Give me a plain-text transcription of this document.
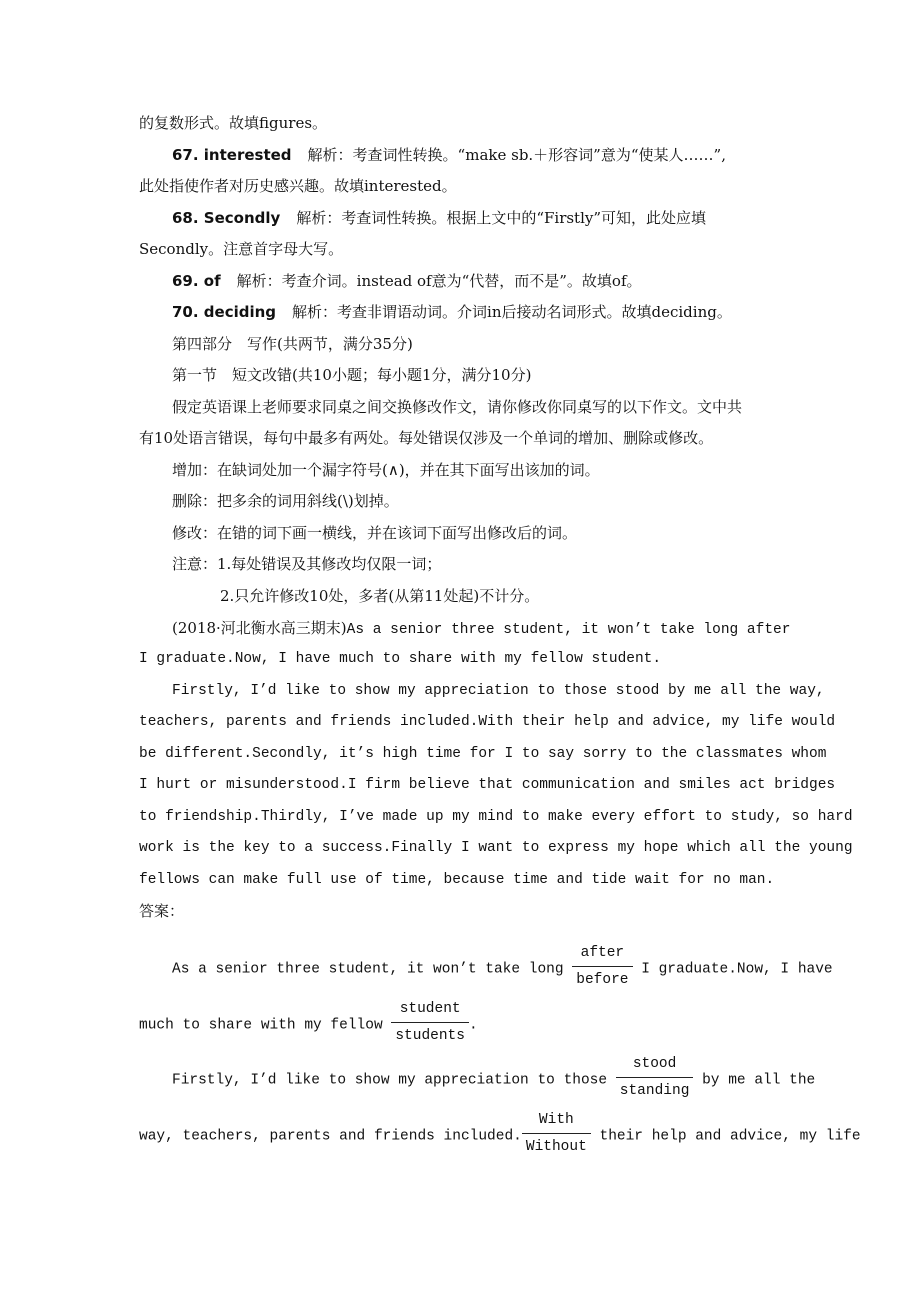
的复数形式。故填figures。
67. interested 解析：考查词性转换。“make sb.＋形容词”意为“使某人……”,
此处指使作者对历史感兴趣。故填interested。
68. Secondly 解析：考查词性转换。根据上文中的“Firstly”可知，此处应填
Secondly。注意首字母大写。
69. of 解析：考查介词。instead of意为“代替，而不是”。故填of。
70. deciding 解析：考查非谓语动词。介词in后接动名词形式。故填deciding。
第四部分　写作(共两节，满分35分)
第一节　短文改错(共10小题；每小题1分，满分10分)
假定英语课上老师要求同桌之间交换修改作文，请你修改你同桌写的以下作文。文中共
有10处语言错误，每句中最多有两处。每处错误仅涉及一个单词的增加、删除或修改。
增加：在缺词处加一个漏字符号(∧)，并在其下面写出该加的词。
删除：把多余的词用斜线(\)划掉。
修改：在错的词下画一横线，并在该词下面写出修改后的词。
注意：1.每处错误及其修改均仅限一词；
2.只允许修改10处，多者(从第11处起)不计分。
(2018·河北衡水高三期末)As a senior three student, it won’t take long after
I graduate.Now, I have much to share with my fellow student.
Firstly, I’d like to show my appreciation to those stood by me all the way,
teachers, parents and friends included.With their help and advice, my life would
be different.Secondly, it’s high time for I to say sorry to the classmates whom
I hurt or misunderstood.I firm believe that communication and smiles act bridges
to friendship.Thirdly, I’ve made up my mind to make every effort to study, so hard
work is the key to a success.Finally I want to express my hope which all the young
fellows can make full use of time, because time and tide wait for no man.
答案：
As a senior three student, it won’t take long $\frac{\text{after}}{\text{before}}$ I graduate.Now, I have
much to share with my fellow $\frac{\text{student}}{\text{students}}$ .
Firstly, I’d like to show my appreciation to those $\frac{\text{stood}}{\text{standing}}$ by me all the
way, teachers, parents and friends included. $\frac{\text{With}}{\text{Without}}$ their help and advice, my life
